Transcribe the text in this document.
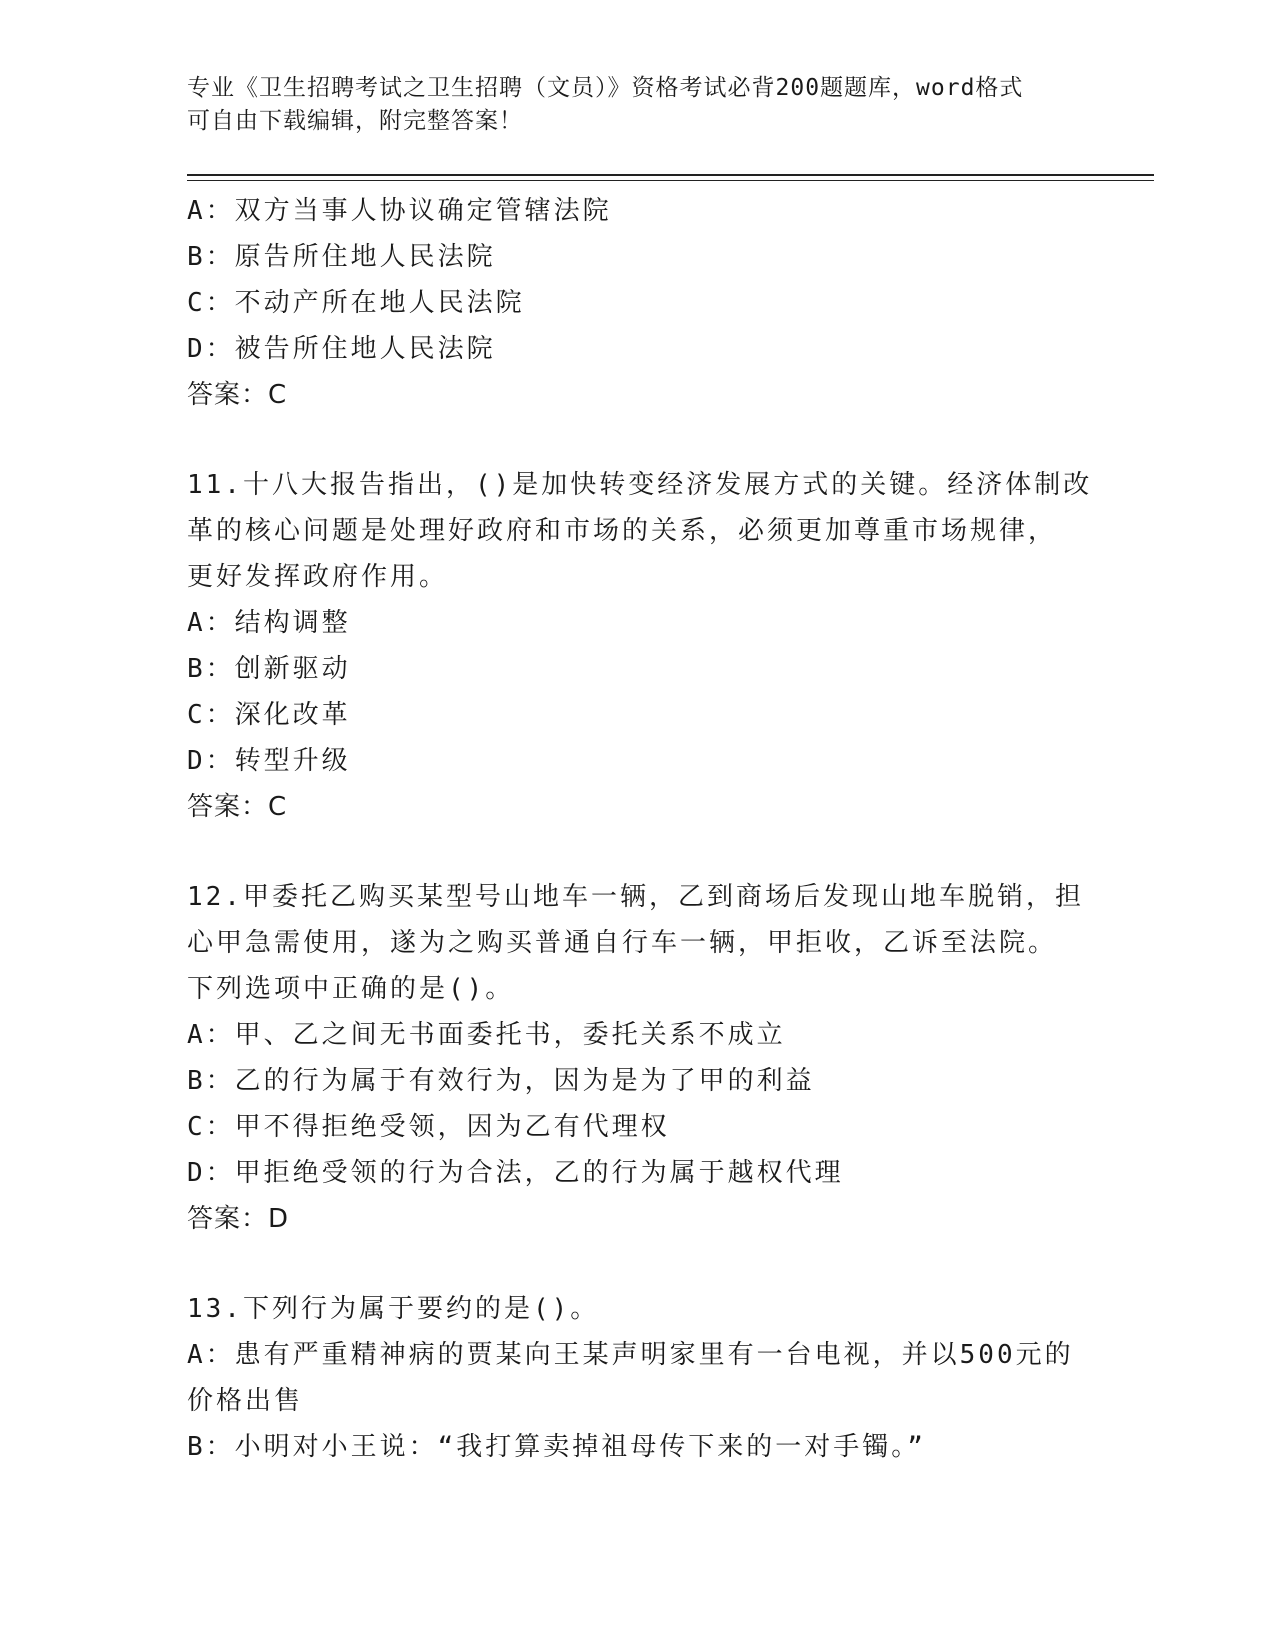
专业《卫生招聘考试之卫生招聘（文员）》资格考试必背200题题库，word格式
可自由下载编辑，附完整答案！
A：双方当事人协议确定管辖法院
B：原告所住地人民法院
C：不动产所在地人民法院
D：被告所住地人民法院
答案：C
11.十八大报告指出，()是加快转变经济发展方式的关键。经济体制改
革的核心问题是处理好政府和市场的关系，必须更加尊重市场规律，
更好发挥政府作用。
A：结构调整
B：创新驱动
C：深化改革
D：转型升级
答案：C
12.甲委托乙购买某型号山地车一辆，乙到商场后发现山地车脱销，担
心甲急需使用，遂为之购买普通自行车一辆，甲拒收，乙诉至法院。
下列选项中正确的是()。
A：甲、乙之间无书面委托书，委托关系不成立
B：乙的行为属于有效行为，因为是为了甲的利益
C：甲不得拒绝受领，因为乙有代理权
D：甲拒绝受领的行为合法，乙的行为属于越权代理
答案：D
13.下列行为属于要约的是()。
A：患有严重精神病的贾某向王某声明家里有一台电视，并以500元的
价格出售
B：小明对小王说：“我打算卖掉祖母传下来的一对手镯。”
